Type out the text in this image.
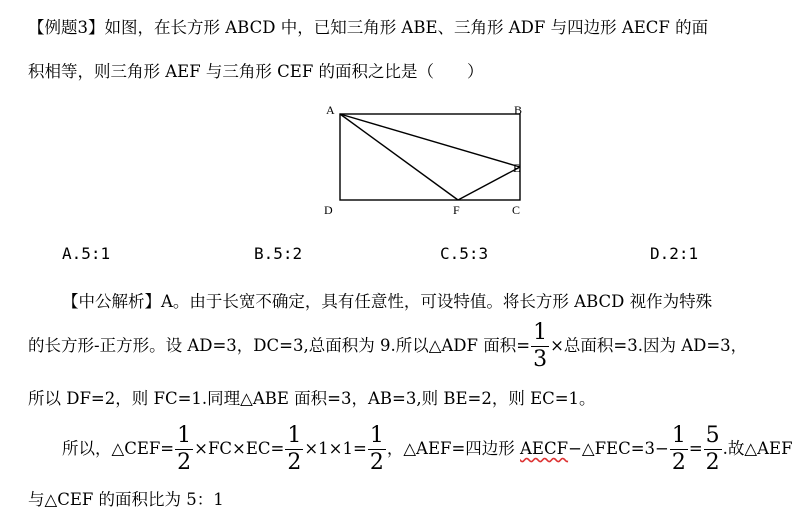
【例题3】如图，在长方形 ABCD 中，已知三角形 ABE、三角形 ADF 与四边形 AECF 的面
积相等，则三角形 AEF 与三角形 CEF 的面积之比是（　　）
A	B
E
D	F	C
A.5:1	B.5:2	C.5:3	D.2:1
【中公解析】A。由于长宽不确定，具有任意性，可设特值。将长方形 ABCD 视作为特殊
的长方形-正方形。设 AD=3，DC=3,总面积为 9.所以△ADF 面积= $\frac{1}{3}$ ×总面积=3.因为 AD=3，
所以 DF=2，则 FC=1.同理△ABE 面积=3，AB=3,则 BE=2，则 EC=1。
所以，△CEF= $\frac{1}{2} \times FC\times EC= \frac{1}{2} \times 1\times 1= \frac{1}{2}$ ，△AEF=四边形 AECF−△FEC=3− $\frac{1}{2} = \frac{5}{2}$ .故△AEF
与△CEF 的面积比为 5：1
